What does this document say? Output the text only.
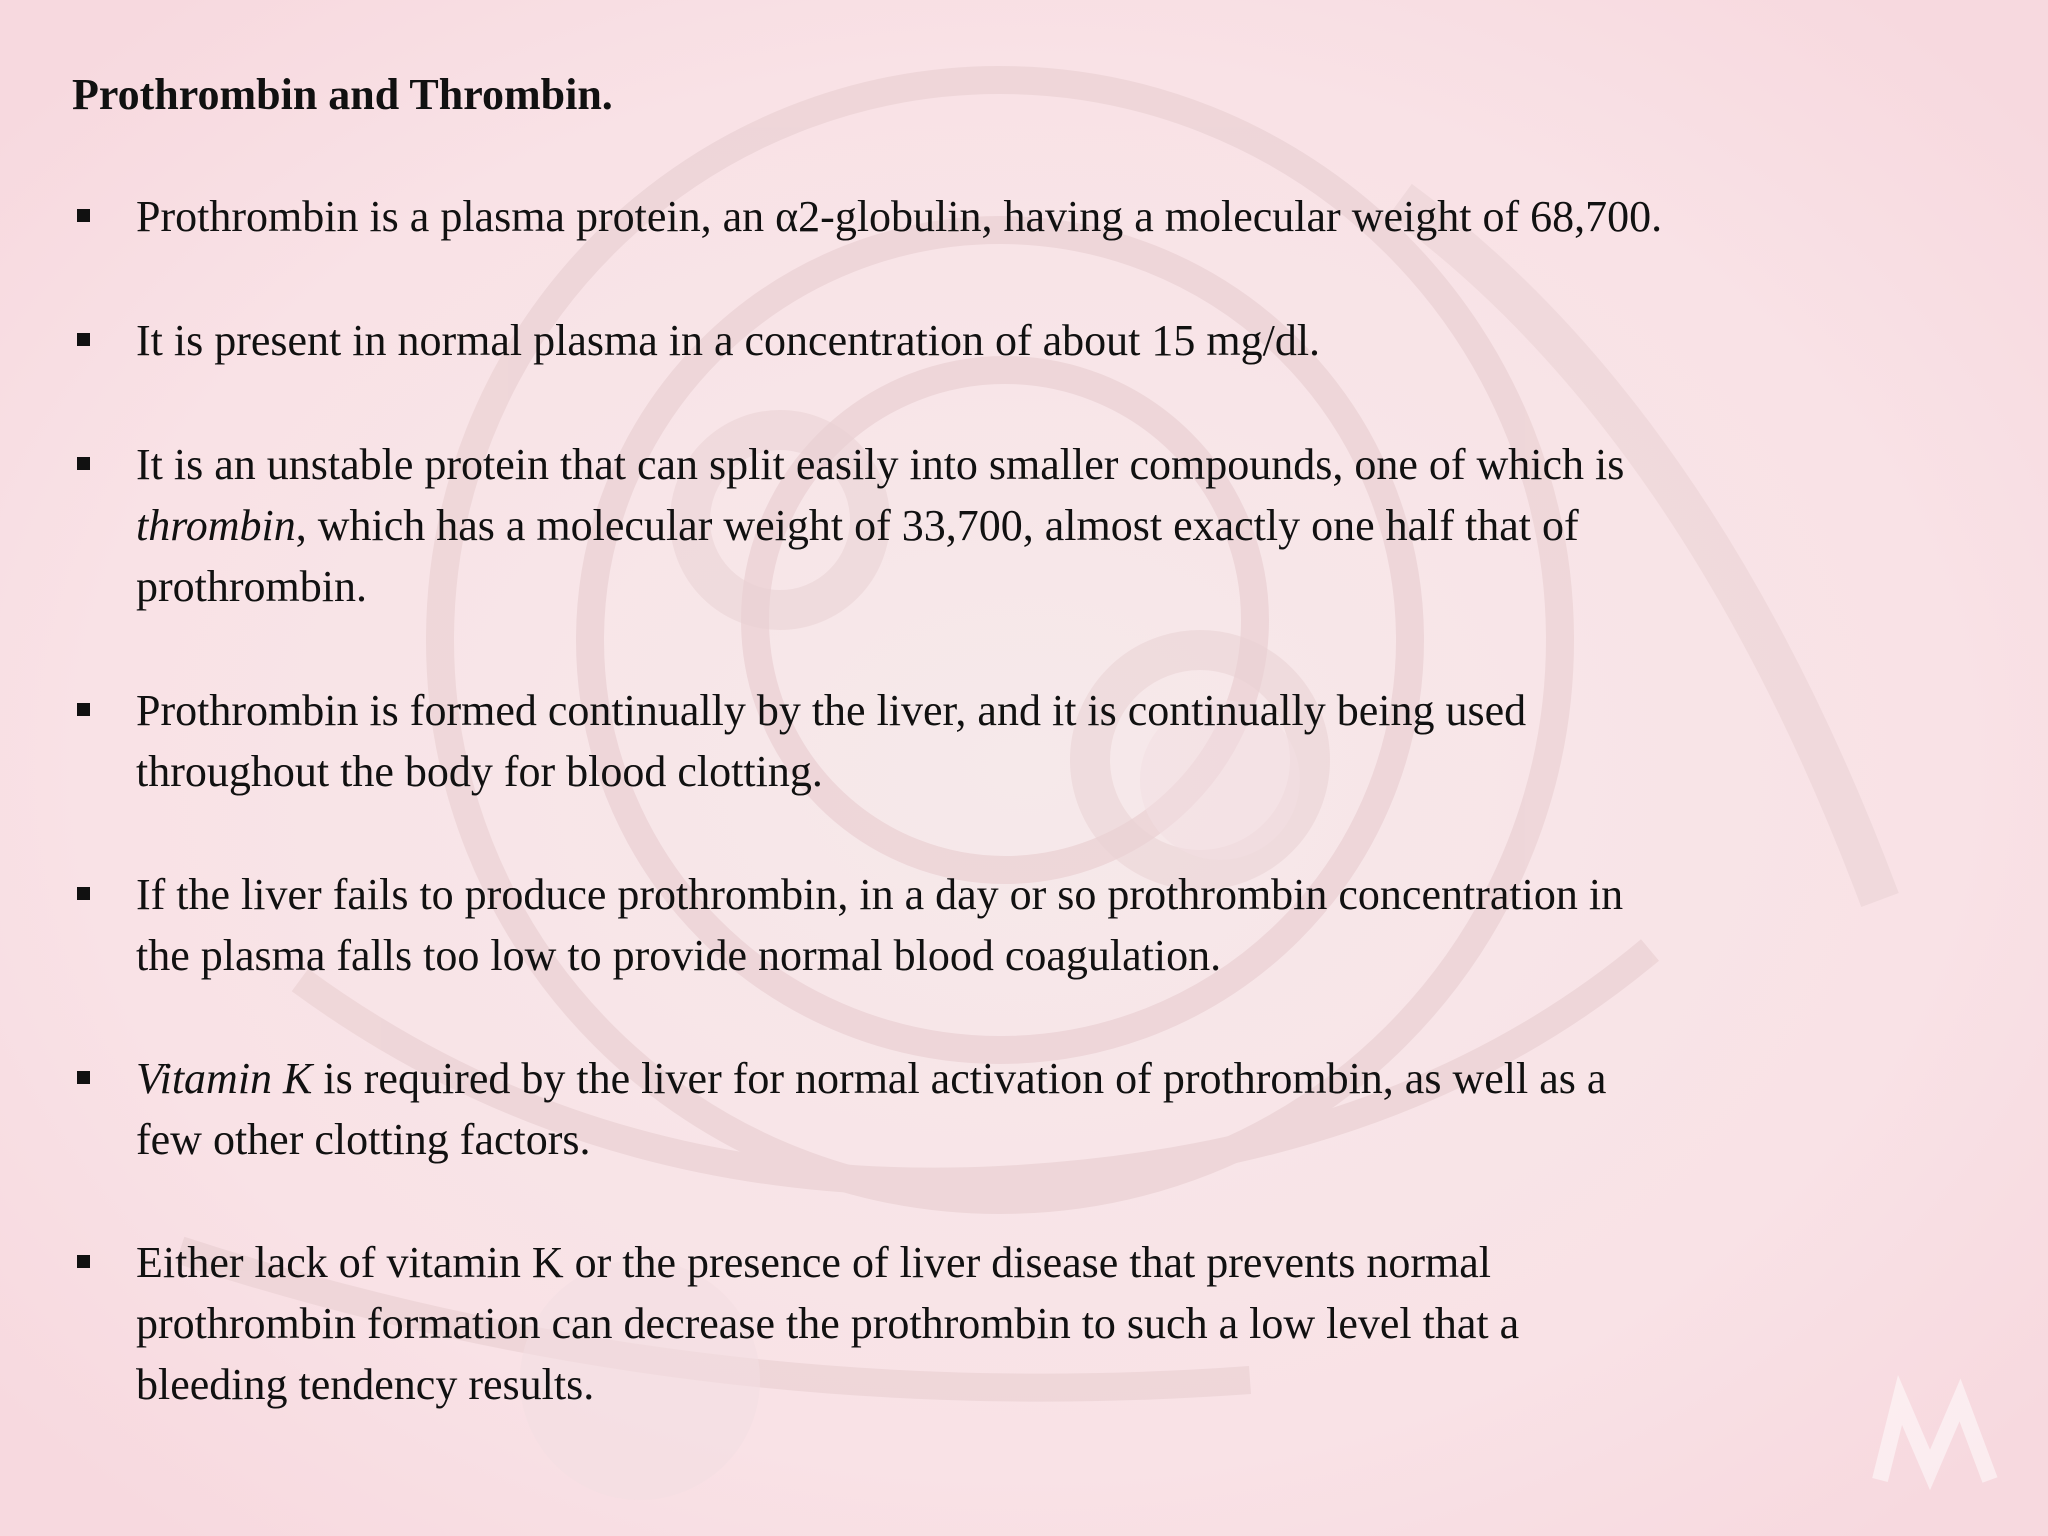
Prothrombin and Thrombin.
Prothrombin is a plasma protein, an α2-globulin, having a molecular weight of 68,700.
It is present in normal plasma in a concentration of about 15 mg/dl.
It is an unstable protein that can split easily into smaller compounds, one of which is
thrombin, which has a molecular weight of 33,700, almost exactly one half that of
prothrombin.
Prothrombin is formed continually by the liver, and it is continually being used
throughout the body for blood clotting.
If the liver fails to produce prothrombin, in a day or so prothrombin concentration in
the plasma falls too low to provide normal blood coagulation.
Vitamin K is required by the liver for normal activation of prothrombin, as well as a
few other clotting factors.
Either lack of vitamin K or the presence of liver disease that prevents normal
prothrombin formation can decrease the prothrombin to such a low level that a
bleeding tendency results.
